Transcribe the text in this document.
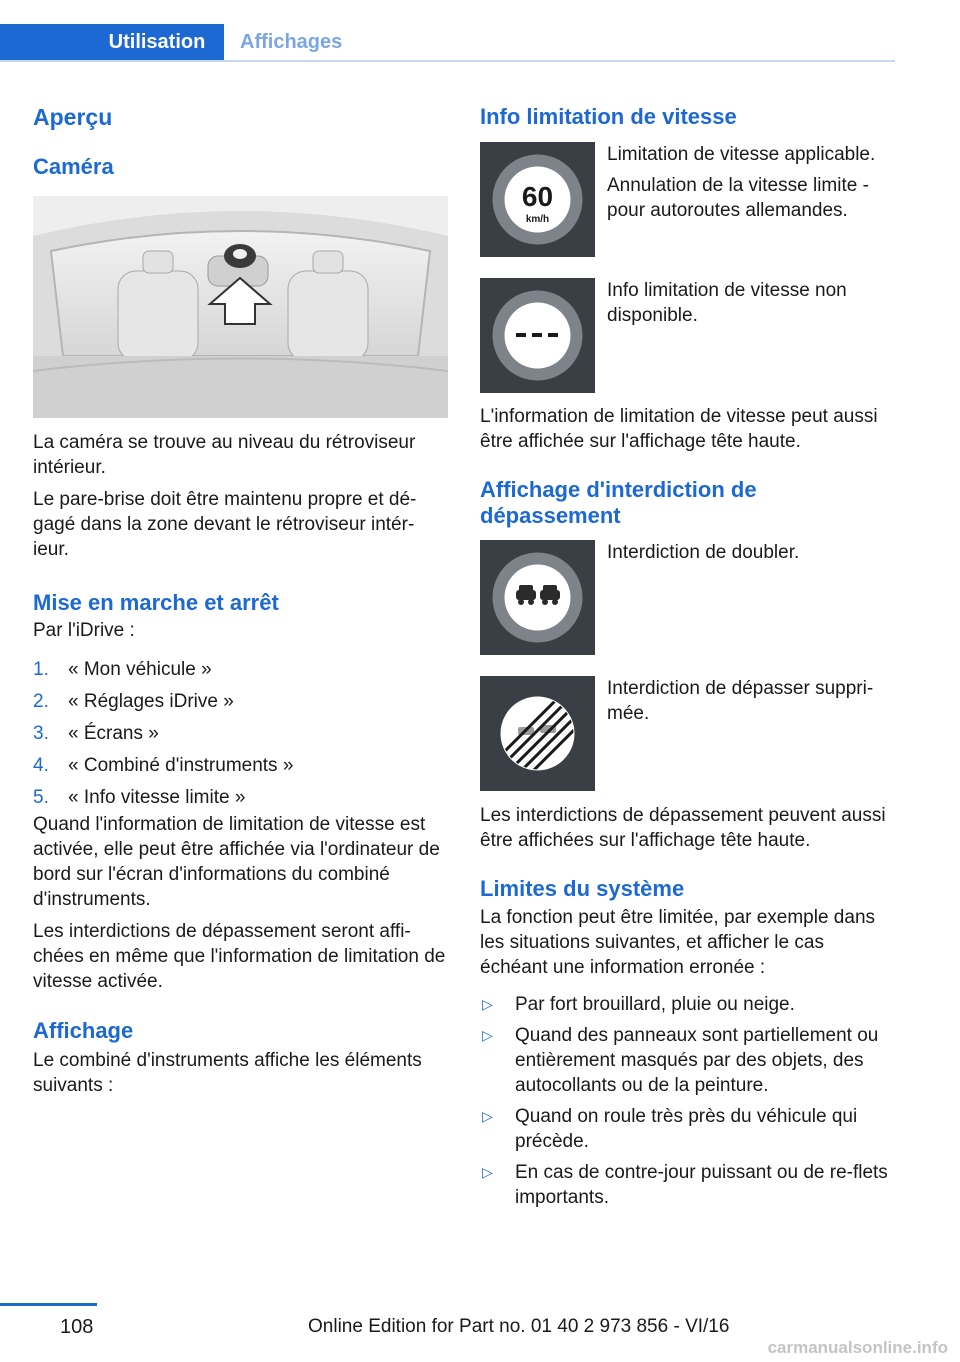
Utilisation	Affichages
Aperçu
Caméra

La caméra se trouve au niveau du rétroviseur intérieur.

Le pare-brise doit être maintenu propre et dé-gagé dans la zone devant le rétroviseur intér-ieur.

Mise en marche et arrêt

Par l'iDrive :

1.	« Mon véhicule »
2.	« Réglages iDrive »
3.	« Écrans »
4.	« Combiné d'instruments »
5.	« Info vitesse limite »

Quand l'information de limitation de vitesse est activée, elle peut être affichée via l'ordinateur de bord sur l'écran d'informations du combiné d'instruments.

Les interdictions de dépassement seront affi-chées en même que l'information de limitation de vitesse activée.

Affichage

Le combiné d'instruments affiche les éléments suivants :

Info limitation de vitesse
60
km/h

Limitation de vitesse applicable.

Annulation de la vitesse limite - pour autoroutes allemandes.

Info limitation de vitesse non disponible.

L'information de limitation de vitesse peut aussi être affichée sur l'affichage tête haute.

Affichage d'interdiction de dépassement

Interdiction de doubler.

Interdiction de dépasser suppri-mée.

Les interdictions de dépassement peuvent aussi être affichées sur l'affichage tête haute.

Limites du système

La fonction peut être limitée, par exemple dans les situations suivantes, et afficher le cas échéant une information erronée :

▷	Par fort brouillard, pluie ou neige.
▷	Quand des panneaux sont partiellement ou entièrement masqués par des objets, des autocollants ou de la peinture.
▷	Quand on roule très près du véhicule qui précède.
▷	En cas de contre-jour puissant ou de re-flets importants.
108	Online Edition for Part no. 01 40 2 973 856 - VI/16
carmanualsonline.info
